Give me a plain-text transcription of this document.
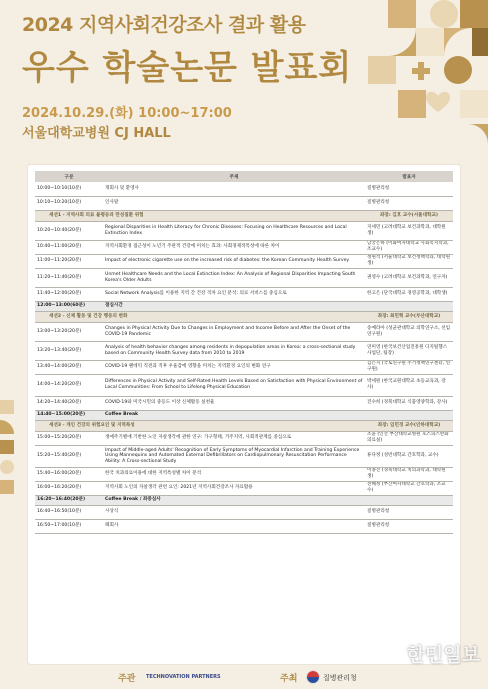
2024 지역사회건강조사 결과 활용
우수 학술논문 발표회
2024.10.29.(화) 10:00~17:00
서울대학교병원 CJ HALL
구분	주제	발표자
10:00~10:10(10분)	개회사 및 환영사	질병관리청
10:10~10:20(10분)	인사말	질병관리청
세션1 - 지역사회 의료 불평등과 만성질환 위험		좌장: 김호 교수(서울대학교)
10:20~10:40(20분)	Regional Disparities in Health Literacy for Chronic Diseases: Focusing on Healthcare Resources and Local Extinction Index	지세민 (고려대학교 보건과학과, 대학원생)
10:40~11:00(20분)	지역사회환경 접근성이 노년기 주관적 건강에 미치는 효과: 사회경제적특성에 따른 차이	남궁은하 (이화여자대학교 사회복지학과, 조교수)
11:00~11:20(20분)	Impact of electronic cigarette use on the increased risk of diabetes: the Korean Community Health Survey	정원석 (서울대학교 보건정책학과, 대학원생)
11:20~11:40(20분)	Unmet Healthcare Needs and the Local Extinction Index: An Analysis of Regional Disparities Impacting South Korea's Older Adults	권영수 (고려대학교 보건과학과, 연구자)
11:40~12:00(20분)	Social Network Analysis를 이용한 지역 간 건강 격차 요인 분석: 의료 서비스를 중심으로	한고은 (단국대학교 경영공학과, 대학생)
12:00~13:00(60분)	점심시간	
세션2 - 신체 활동 및 건강 행동의 변화		좌장: 최민혁 교수(부산대학교)
13:00~13:20(20분)	Changes in Physical Activity Due to Changes in Employment and Income Before and After the Onset of the COVID-19 Pandemic	송예라아 (성균관대학교 의학연구소, 선임연구원)
13:20~13:40(20분)	Analysis of health behavior changes among residents in depopulation areas in Korea: a cross-sectional study based on Community Health Survey data from 2010 to 2019	연미영 (한국보건산업진흥원 디지털헬스사업단, 팀장)
13:40~14:00(20분)	COVID-19 팬데믹 직전과 직후 우울감에 영향을 미치는 지역환경 요인의 변화 연구	김은지 (국토연구원 주거정책연구센터, 연구원)
14:00~14:20(20분)	Differences in Physical Activity and Self-Rated Health Levels Based on Satisfaction with Physical Environment of Local Communities: From School to Lifelong Physical Education	박세원 (한국교원대학교 초등교육과, 강사)
14:20~14:40(20분)	COVID-19와 미국시민의 중등도 이상 신체활동 실천율	진수희 (경북대학교 식품영양학과, 강사)
14:40~15:00(20분)	Coffee Break	
세션3 - 개인 건강의 위험요인 및 지역특성		좌장: 임민경 교수(인하대학교)
15:00~15:20(20분)	생애주기별에 기반한 노인 자살생각에 관한 연구: 가구형태, 거주지역, 사회적관계를 중심으로	조윤 (인산 부산대학교병원 호스피스완화의료실)
15:20~15:40(20분)	Impact of Middle-aged Adults' Recognition of Early Symptoms of Myocardial Infarction and Training Experience Using Mannequins and Automated External Defibrillators on Cardiopulmonary Resuscitation Performance Ability: A Cross-sectional Study	류다정 (성빈대학교 간호학과, 교수)
15:40~16:00(20분)	한국 치과의료이용에 대한 지역특성별 차이 분석	이종진 (경북대학교 치의과학과, 대학원생)
16:00~16:20(20분)	지역사회 노인의 자살생각 관련 요인: 2021년 지역사회건강조사 자료활용	전혜정 (부산여자대학교 간호학과, 조교수)
16:20~16:40(20분)	Coffee Break / 좌중심사	
16:40~16:50(10분)	시상식	질병관리청
16:50~17:00(10분)	폐회사	질병관리청
주관 TECHNOVATION PARTNERS	주최	질병관리청
한민일보
